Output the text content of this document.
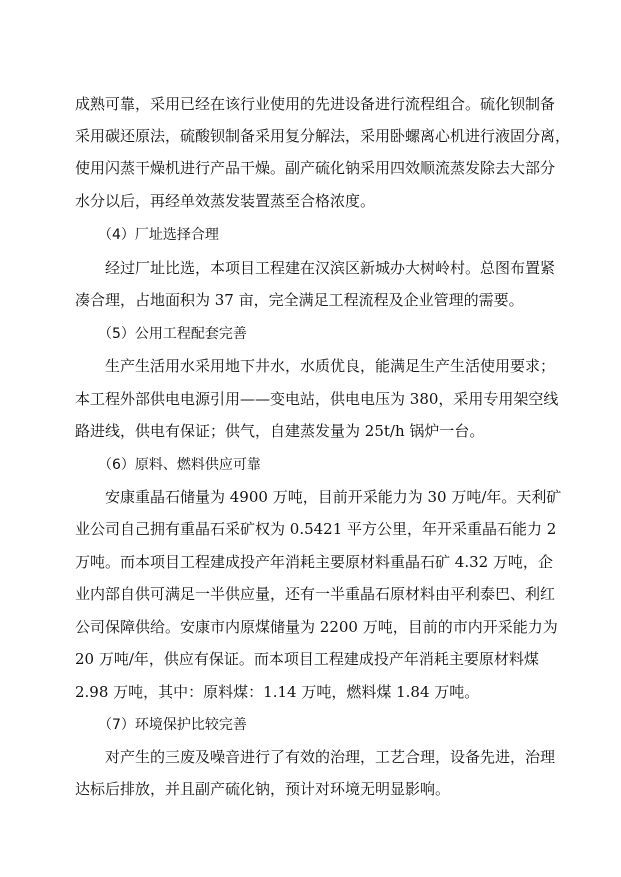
成熟可靠，采用已经在该行业使用的先进设备进行流程组合。硫化钡制备
采用碳还原法，硫酸钡制备采用复分解法，采用卧螺离心机进行液固分离，
使用闪蒸干燥机进行产品干燥。副产硫化钠采用四效顺流蒸发除去大部分
水分以后，再经单效蒸发装置蒸至合格浓度。
（4）厂址选择合理
经过厂址比选，本项目工程建在汉滨区新城办大树岭村。总图布置紧
凑合理，占地面积为 37 亩，完全满足工程流程及企业管理的需要。
（5）公用工程配套完善
生产生活用水采用地下井水，水质优良，能满足生产生活使用要求；
本工程外部供电电源引用——变电站，供电电压为 380，采用专用架空线
路进线，供电有保证；供气，自建蒸发量为 25t/h 锅炉一台。
（6）原料、燃料供应可靠
安康重晶石储量为 4900 万吨，目前开采能力为 30 万吨/年。天利矿
业公司自己拥有重晶石采矿权为 0.5421 平方公里，年开采重晶石能力 2
万吨。而本项目工程建成投产年消耗主要原材料重晶石矿 4.32 万吨，企
业内部自供可满足一半供应量，还有一半重晶石原材料由平利泰巴、利红
公司保障供给。安康市内原煤储量为 2200 万吨，目前的市内开采能力为
20 万吨/年，供应有保证。而本项目工程建成投产年消耗主要原材料煤
2.98 万吨，其中：原料煤：1.14 万吨，燃料煤 1.84 万吨。
（7）环境保护比较完善
对产生的三废及噪音进行了有效的治理，工艺合理，设备先进，治理
达标后排放，并且副产硫化钠，预计对环境无明显影响。
